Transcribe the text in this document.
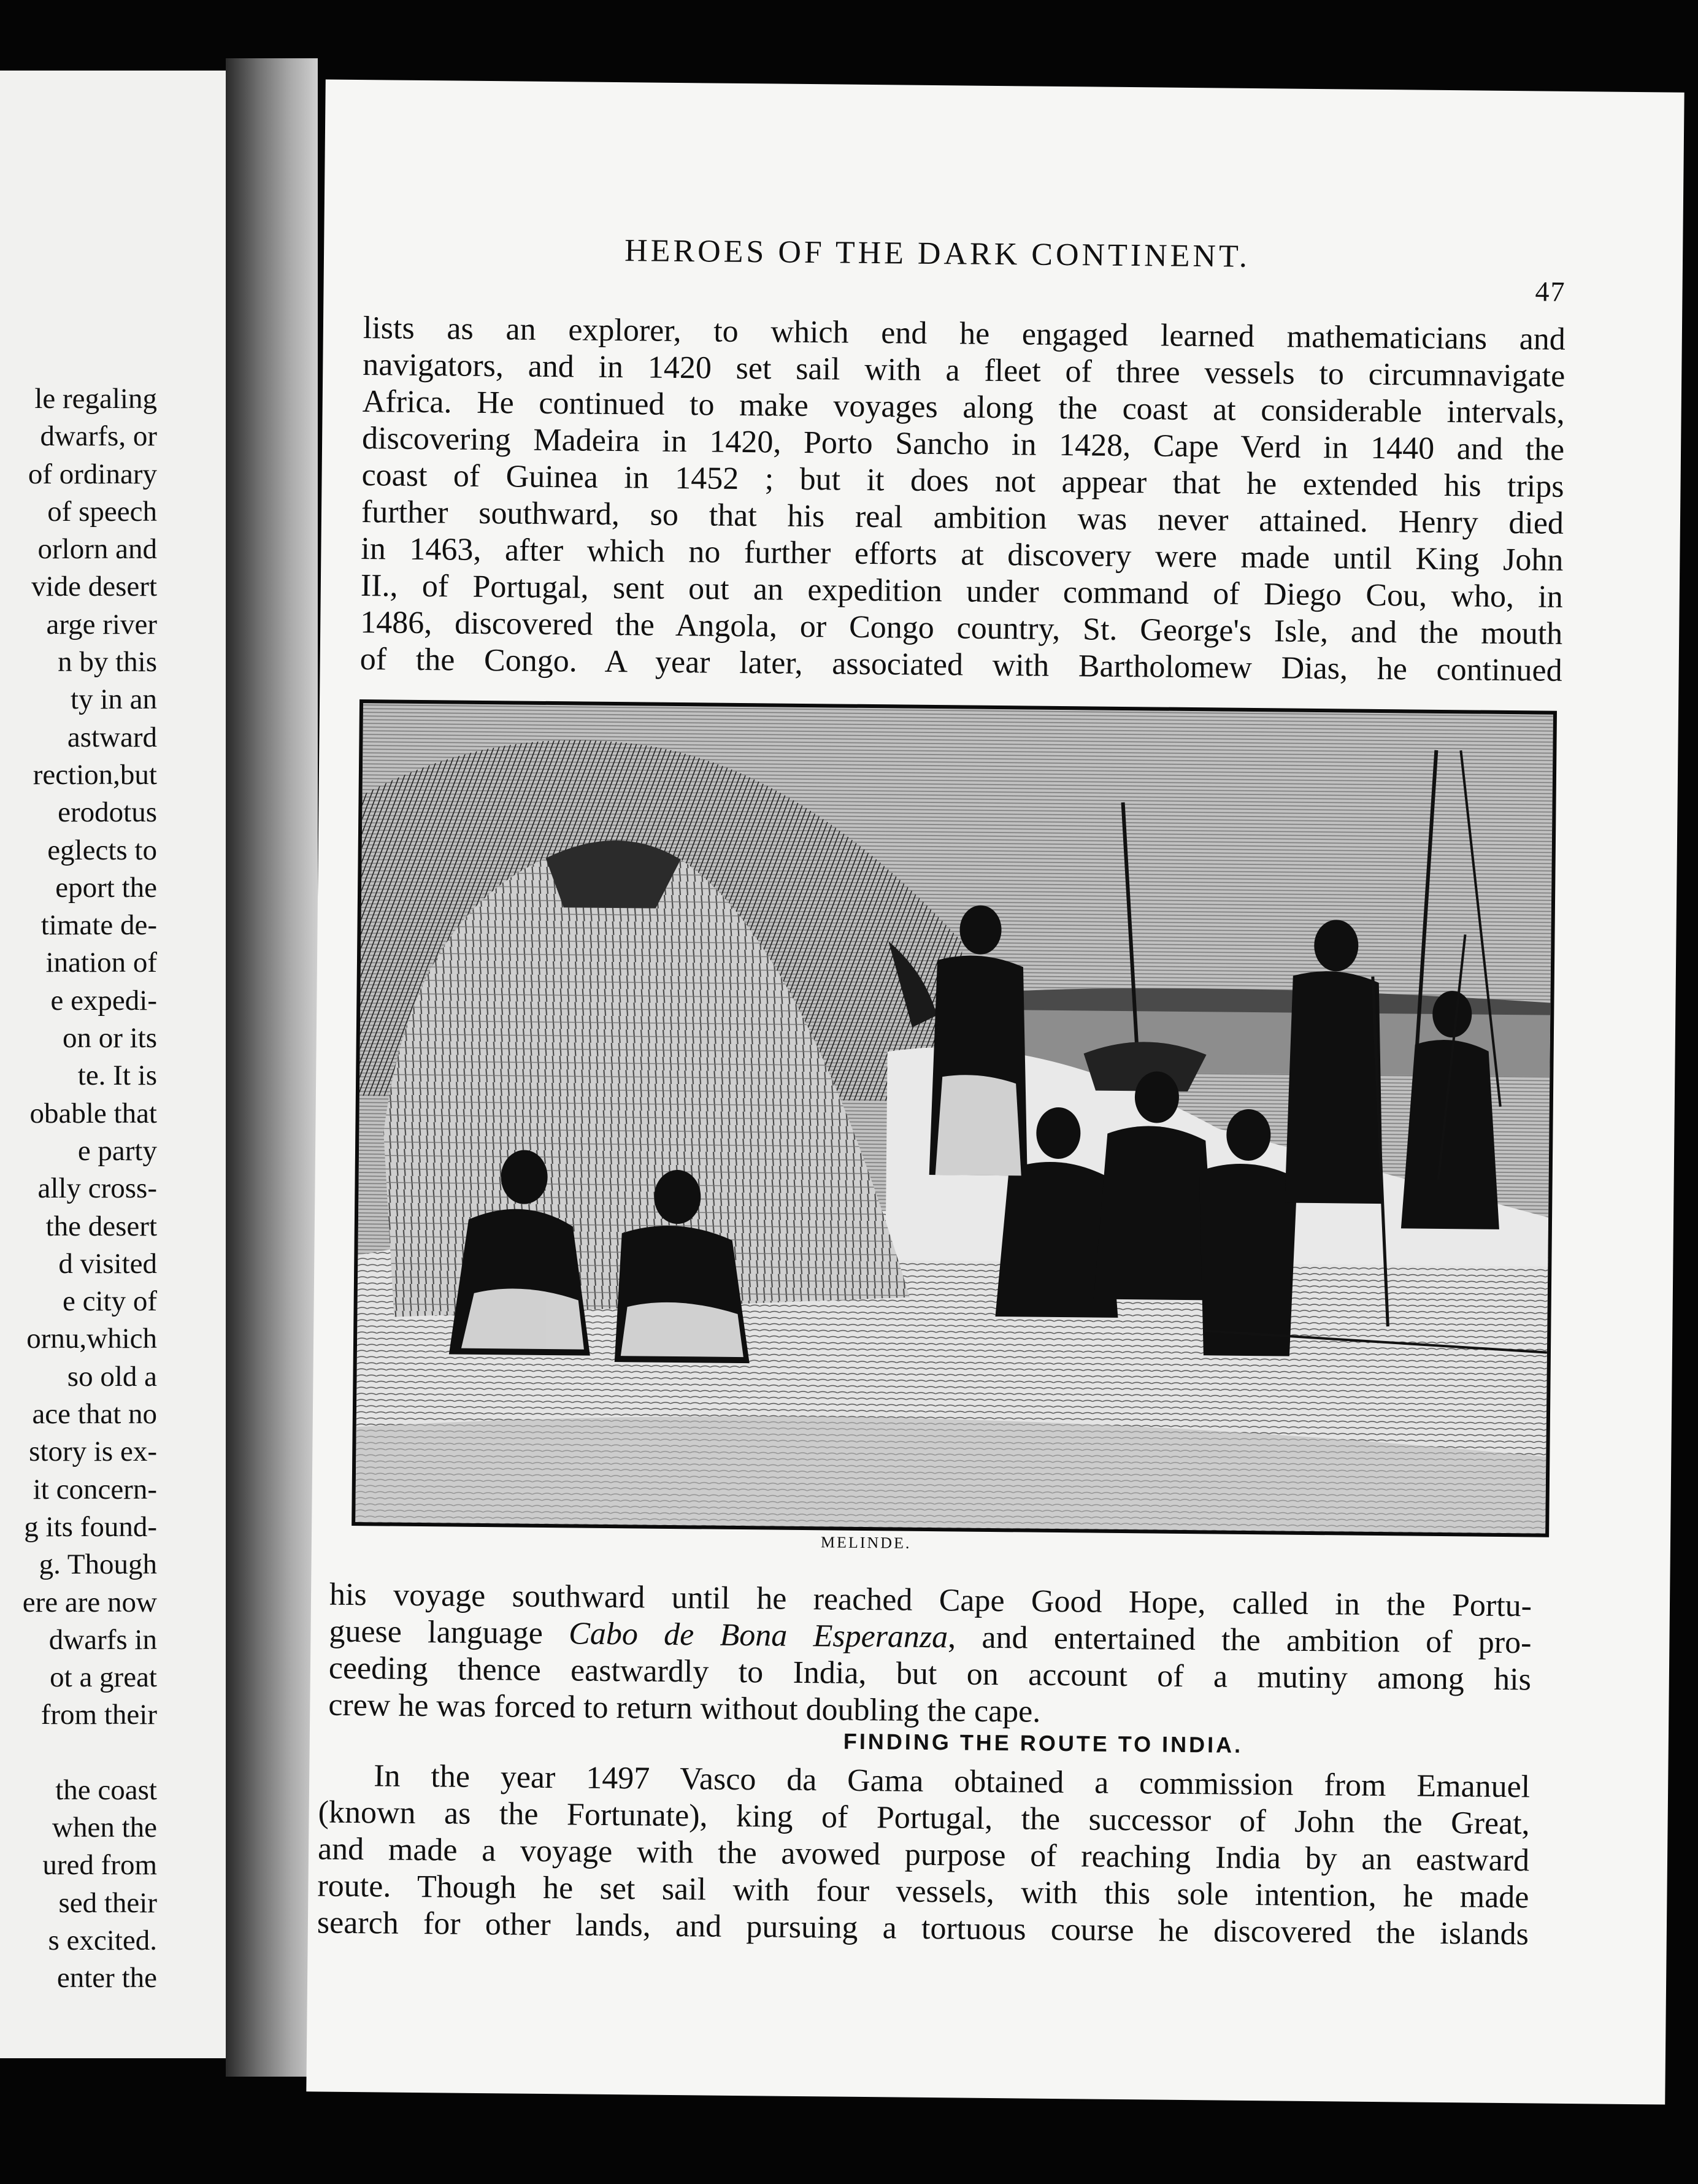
le regaling
dwarfs, or
of ordinary
of speech
orlorn and
vide desert
arge river
n by this
ty in an
astward
rection,but
erodotus
eglects to
eport the
timate de-
ination of
e expedi-
on or its
te. It is
obable that
e party
ally cross-
the desert
d visited
e city of
ornu,which
so old a
ace that no
story is ex-
it concern-
g its found-
g. Though
ere are now
dwarfs in
ot a great
from their
the coast
when the
ured from
sed their
s excited.
enter the
HEROES OF THE DARK CONTINENT.
47
lists as an explorer, to which end he engaged learned mathematicians and
navigators, and in 1420 set sail with a fleet of three vessels to circumnavigate
Africa. He continued to make voyages along the coast at considerable intervals,
discovering Madeira in 1420, Porto Sancho in 1428, Cape Verd in 1440 and the
coast of Guinea in 1452 ; but it does not appear that he extended his trips
further southward, so that his real ambition was never attained. Henry died
in 1463, after which no further efforts at discovery were made until King John
II., of Portugal, sent out an expedition under command of Diego Cou, who, in
1486, discovered the Angola, or Congo country, St. George's Isle, and the mouth
of the Congo. A year later, associated with Bartholomew Dias, he continued
MELINDE.
his voyage southward until he reached Cape Good Hope, called in the Portu-
guese language Cabo de Bona Esperanza, and entertained the ambition of pro-
ceeding thence eastwardly to India, but on account of a mutiny among his
crew he was forced to return without doubling the cape.
FINDING THE ROUTE TO INDIA.
In the year 1497 Vasco da Gama obtained a commission from Emanuel
(known as the Fortunate), king of Portugal, the successor of John the Great,
and made a voyage with the avowed purpose of reaching India by an eastward
route. Though he set sail with four vessels, with this sole intention, he made
search for other lands, and pursuing a tortuous course he discovered the islands
